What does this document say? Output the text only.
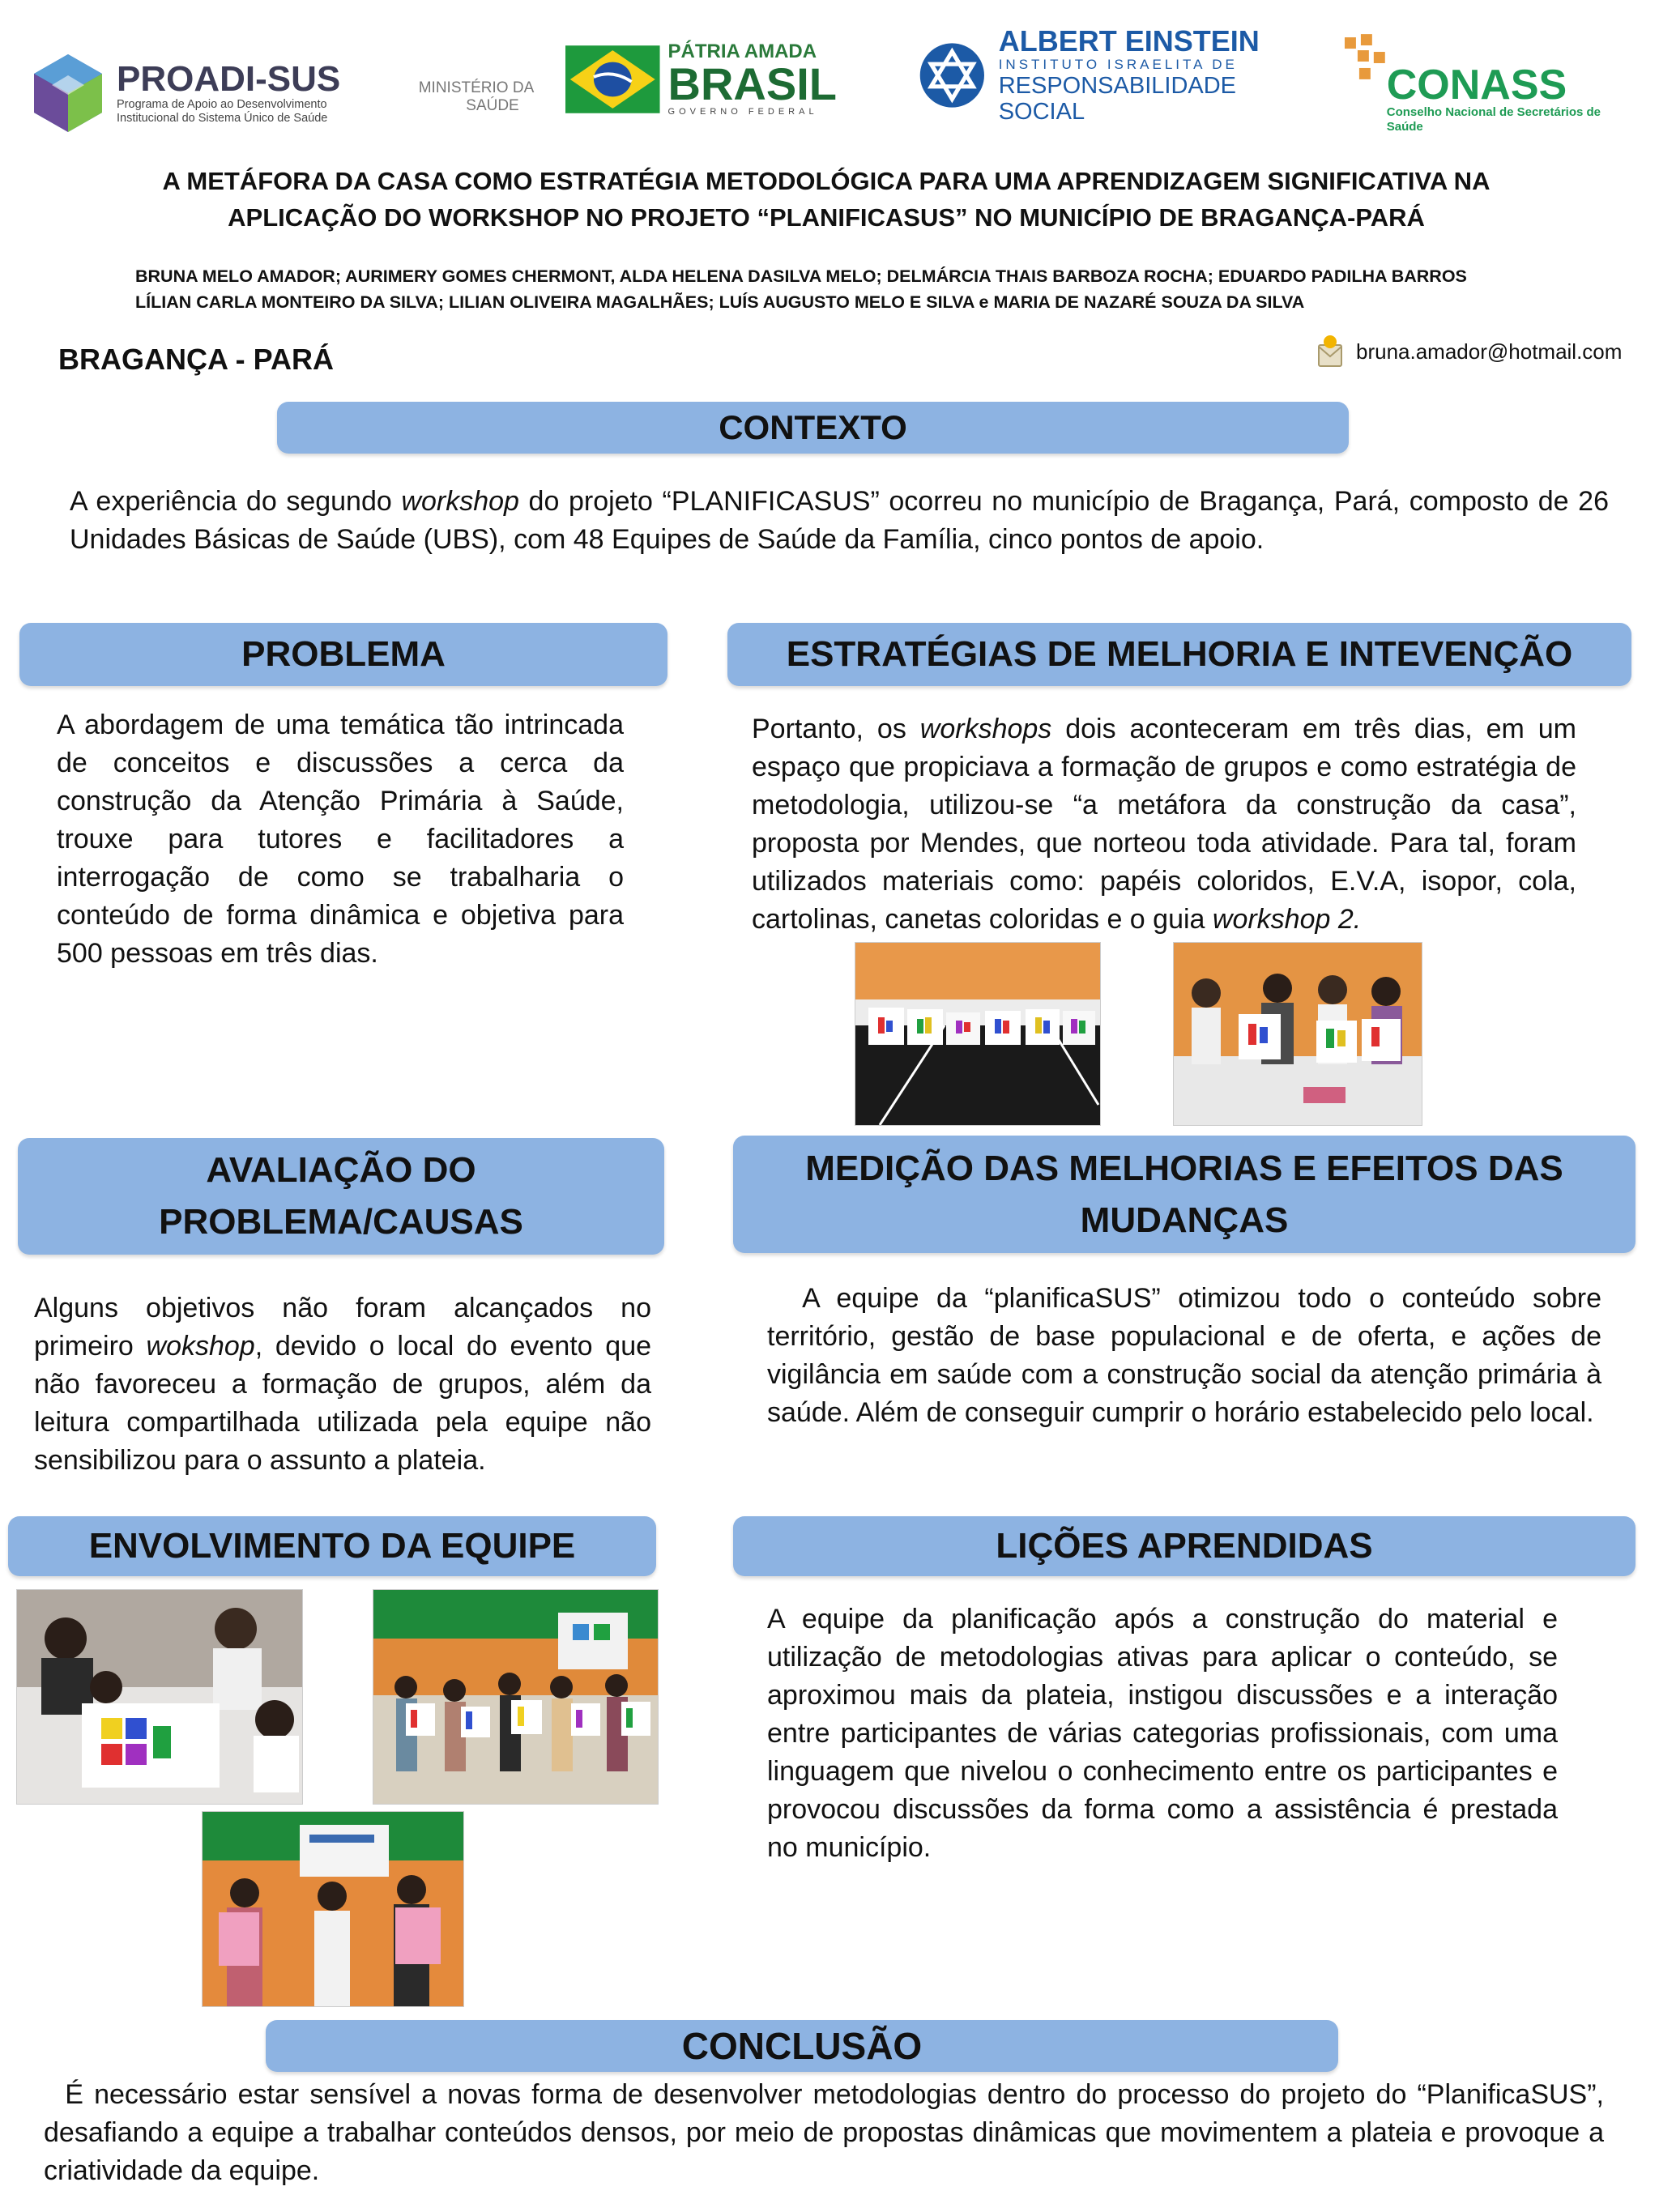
PROADI-SUS
Programa de Apoio ao Desenvolvimento
Institucional do Sistema Único de Saúde
MINISTÉRIO DA
SAÚDE
PÁTRIA AMADA
BRASIL
GOVERNO FEDERAL
ALBERT EINSTEIN
INSTITUTO ISRAELITA DE
RESPONSABILIDADE SOCIAL
CONASS
Conselho Nacional de Secretários de Saúde
A METÁFORA DA CASA COMO ESTRATÉGIA METODOLÓGICA PARA UMA APRENDIZAGEM SIGNIFICATIVA NA
APLICAÇÃO DO WORKSHOP NO PROJETO “PLANIFICASUS” NO MUNICÍPIO DE BRAGANÇA-PARÁ
BRUNA MELO AMADOR; AURIMERY GOMES CHERMONT, ALDA HELENA DASILVA MELO; DELMÁRCIA THAIS BARBOZA ROCHA; EDUARDO PADILHA BARROS
LÍLIAN CARLA MONTEIRO DA SILVA; LILIAN OLIVEIRA MAGALHÃES; LUÍS AUGUSTO MELO E SILVA e MARIA DE NAZARÉ SOUZA DA SILVA
BRAGANÇA - PARÁ	bruna.amador@hotmail.com
CONTEXTO
A experiência do segundo workshop do projeto “PLANIFICASUS” ocorreu no município de Bragança, Pará, composto de 26 Unidades Básicas de Saúde (UBS), com 48 Equipes de Saúde da Família, cinco pontos de apoio.
PROBLEMA
A abordagem de uma temática tão intrincada de conceitos e discussões a cerca da construção da Atenção Primária à Saúde, trouxe para tutores e facilitadores a interrogação de como se trabalharia o conteúdo de forma dinâmica e objetiva para 500 pessoas em três dias.
ESTRATÉGIAS DE MELHORIA E INTEVENÇÃO
Portanto, os workshops dois aconteceram em três dias, em um espaço que propiciava a formação de grupos e como estratégia de metodologia, utilizou-se “a metáfora da construção da casa”, proposta por Mendes, que norteou toda atividade. Para tal, foram utilizados materiais como: papéis coloridos, E.V.A, isopor, cola, cartolinas, canetas coloridas e o guia workshop 2.
AVALIAÇÃO DO
PROBLEMA/CAUSAS
Alguns objetivos não foram alcançados no primeiro wokshop, devido o local do evento que não favoreceu a formação de grupos, além da leitura compartilhada utilizada pela equipe não sensibilizou para o assunto a plateia.
MEDIÇÃO DAS MELHORIAS E EFEITOS DAS
MUDANÇAS
A equipe da “planificaSUS” otimizou todo o conteúdo sobre território, gestão de base populacional e de oferta, e ações de vigilância em saúde com a construção social da atenção primária à saúde. Além de conseguir cumprir o horário estabelecido pelo local.
ENVOLVIMENTO DA EQUIPE	LIÇÕES APRENDIDAS
A equipe da planificação após a construção do material e utilização de metodologias ativas para aplicar o conteúdo, se aproximou mais da plateia, instigou discussões e a interação entre participantes de várias categorias profissionais, com uma linguagem que nivelou o conhecimento entre os participantes e provocou discussões da forma como a assistência é prestada no município.
CONCLUSÃO
É necessário estar sensível a novas forma de desenvolver metodologias dentro do processo do projeto do “PlanificaSUS”, desafiando a equipe a trabalhar conteúdos densos, por meio de propostas dinâmicas que movimentem a plateia e provoque a criatividade da equipe.
